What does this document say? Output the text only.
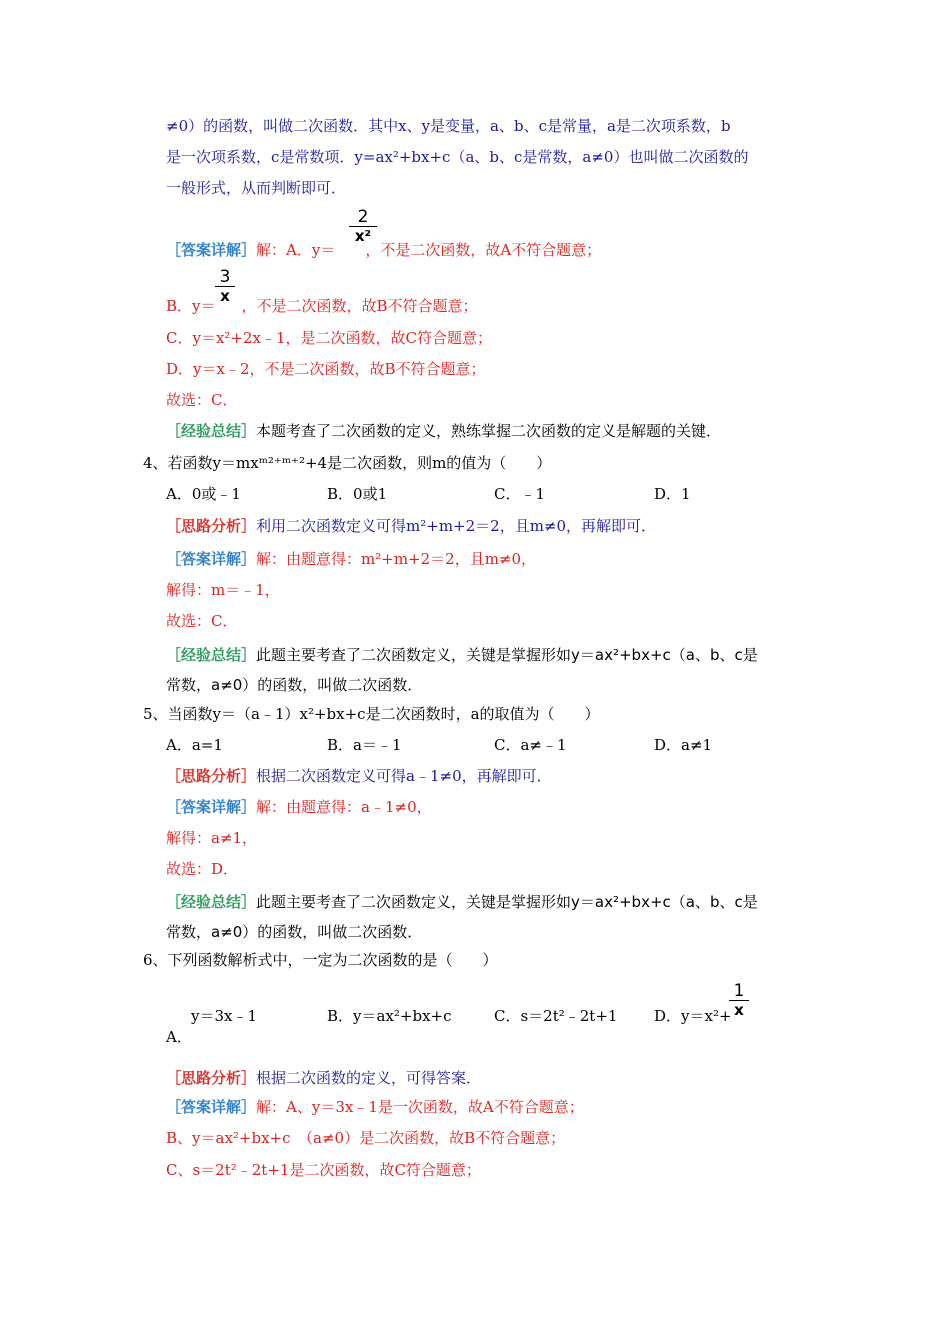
≠0）的函数，叫做二次函数．其中x、y是变量，a、b、c是常量，a是二次项系数，b
是一次项系数，c是常数项．y=ax²+bx+c（a、b、c是常数，a≠0）也叫做二次函数的
一般形式，从而判断即可．
［答案详解］解：A．y＝ ，不是二次函数，故A不符合题意；
2
x²
B．y＝ ，不是二次函数，故B不符合题意；
3
x
C．y＝x²+2x﹣1，是二次函数，故C符合题意；
D．y＝x﹣2，不是二次函数，故B不符合题意；
故选：C．
［经验总结］本题考查了二次函数的定义，熟练掌握二次函数的定义是解题的关键．
4、若函数y＝mxᵐ²⁺ᵐ⁺²+4是二次函数，则m的值为（　　）
A．0或﹣1	B．0或1	C．﹣1	D．1
［思路分析］利用二次函数定义可得m²+m+2＝2，且m≠0，再解即可．
［答案详解］解：由题意得：m²+m+2＝2，且m≠0，
解得：m＝﹣1，
故选：C．
［经验总结］此题主要考查了二次函数定义，关键是掌握形如y＝ax²+bx+c（a、b、c是
常数，a≠0）的函数，叫做二次函数．
5、当函数y＝（a﹣1）x²+bx+c是二次函数时，a的取值为（　　）
A．a=1	B．a＝﹣1	C．a≠﹣1	D．a≠1
［思路分析］根据二次函数定义可得a﹣1≠0，再解即可．
［答案详解］解：由题意得：a﹣1≠0，
解得：a≠1，
故选：D．
［经验总结］此题主要考查了二次函数定义，关键是掌握形如y＝ax²+bx+c（a、b、c是
常数，a≠0）的函数，叫做二次函数．
6、下列函数解析式中，一定为二次函数的是（　　）
y＝3x﹣1
A．
B．y＝ax²+bx+c	C．s＝2t²﹣2t+1 D．y＝x²+
1
x
［思路分析］根据二次函数的定义，可得答案．
［答案详解］解：A、y＝3x﹣1是一次函数，故A不符合题意；
B、y＝ax²+bx+c　（a≠0）是二次函数，故B不符合题意；
C、s＝2t²﹣2t+1是二次函数，故C符合题意；
